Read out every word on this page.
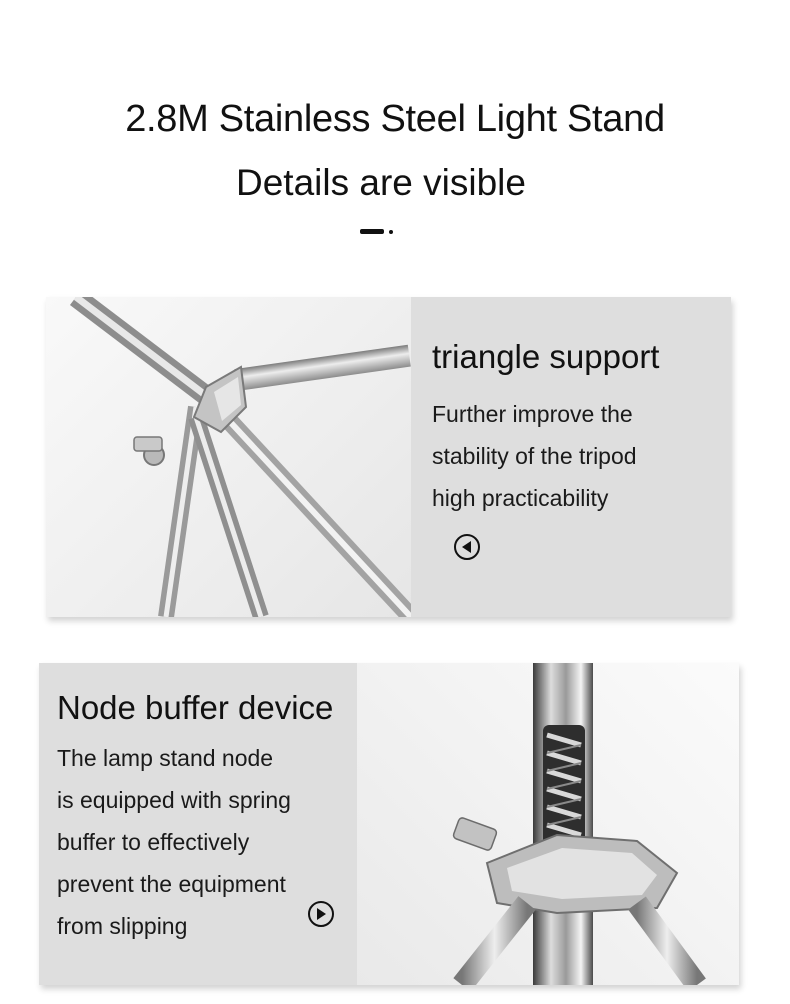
2.8M Stainless Steel Light Stand
Details are visible
triangle support
Further improve the
stability of the tripod
high practicability
Node buffer device
The lamp stand node
is equipped with spring
buffer to effectively
prevent the equipment
from slipping
